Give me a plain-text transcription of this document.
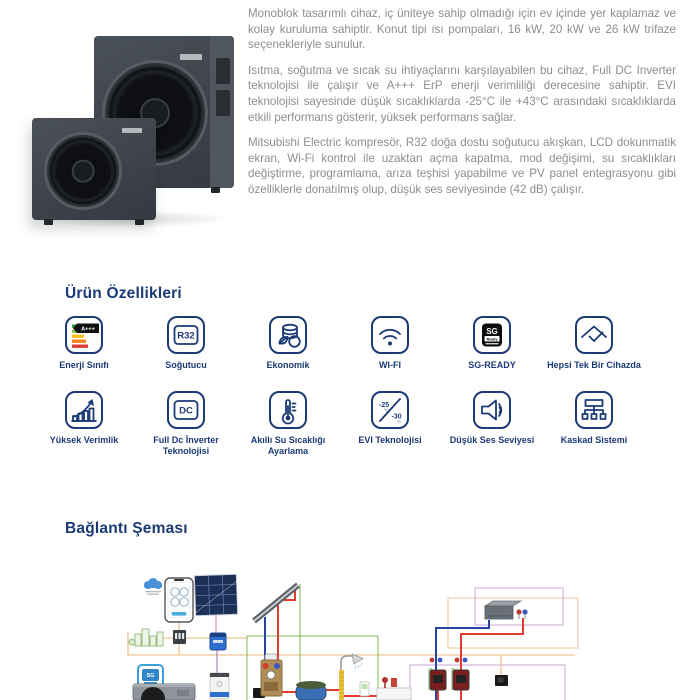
Monoblok tasarımlı cihaz, iç üniteye sahip olmadığı için ev içinde yer kaplamaz ve kolay kuruluma sahiptir. Konut tipi ısı pompaları, 16 kW, 20 kW ve 26 kW trifaze seçenekleriyle sunulur.

Isıtma, soğutma ve sıcak su ihtiyaçlarını karşılayabilen bu cihaz, Full DC Inverter teknolojisi ile çalışır ve A+++ ErP enerji verimliliği derecesine sahiptir. EVI teknolojisi sayesinde düşük sıcaklıklarda -25°C ile +43°C arasındaki sıcaklıklarda etkili performans gösterir, yüksek performans sağlar.

Mitsubishi Electric kompresör, R32 doğa dostu soğutucu akışkan, LCD dokunmatik ekran, Wi-Fi kontrol ile uzaktan açma kapatma, mod değişimi, su sıcaklıkları değiştirme, programlama, arıza teşhisi yapabilme ve PV panel entegrasyonu gibi özelliklerle donatılmış olup, düşük ses seviyesinde (42 dB) çalışır.

Ürün Özellikleri
A+++
Enerji Sınıfı
R32
Soğutucu	Ekonomik	WI-FI
SG
Ready
SG-READY	Hepsi Tek Bir Cihazda
Yüksek Verimlik
DC
Full Dc İnverter Teknolojisi
Akıllı Su Sıcaklığı Ayarlama
-25
°C
-30
°C
EVI Teknolojisi	Düşük Ses Seviyesi	Kaskad Sistemi
Bağlantı Şeması
SG
